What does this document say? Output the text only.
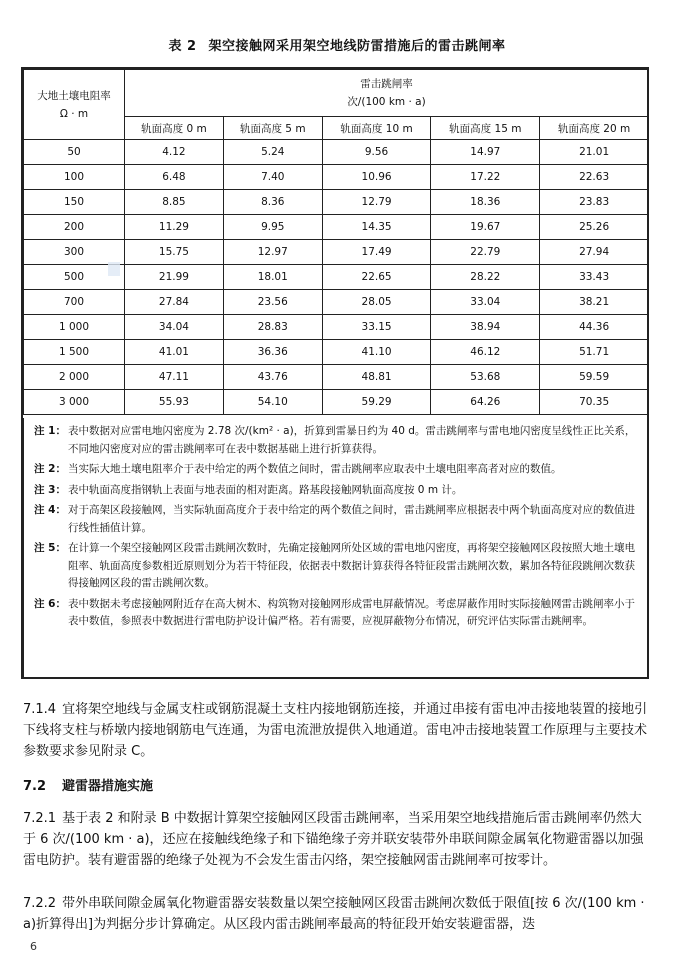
表 2 架空接触网采用架空地线防雷措施后的雷击跳闸率
大地土壤电阻率
Ω · m	雷击跳闸率
次/(100 km · a)				

	轨面高度 0 m	轨面高度 5 m	轨面高度 10 m	轨面高度 15 m	轨面高度 20 m
50	4.12	5.24	9.56	14.97	21.01
100	6.48	7.40	10.96	17.22	22.63
150	8.85	8.36	12.79	18.36	23.83
200	11.29	9.95	14.35	19.67	25.26
300	15.75	12.97	17.49	22.79	27.94
500	21.99	18.01	22.65	28.22	33.43
700	27.84	23.56	28.05	33.04	38.21
1 000	34.04	28.83	33.15	38.94	44.36
1 500	41.01	36.36	41.10	46.12	51.71
2 000	47.11	43.76	48.81	53.68	59.59
3 000	55.93	54.10	59.29	64.26	70.35
注 1： 表中数据对应雷电地闪密度为 2.78 次/(km² · a)，折算到雷暴日约为 40 d。雷击跳闸率与雷电地闪密度呈线性正比关系，不同地闪密度对应的雷击跳闸率可在表中数据基础上进行折算获得。
注 2： 当实际大地土壤电阻率介于表中给定的两个数值之间时，雷击跳闸率应取表中土壤电阻率高者对应的数值。
注 3： 表中轨面高度指钢轨上表面与地表面的相对距离。路基段接触网轨面高度按 0 m 计。
注 4： 对于高架区段接触网，当实际轨面高度介于表中给定的两个数值之间时，雷击跳闸率应根据表中两个轨面高度对应的数值进行线性插值计算。
注 5： 在计算一个架空接触网区段雷击跳闸次数时，先确定接触网所处区域的雷电地闪密度，再将架空接触网区段按照大地土壤电阻率、轨面高度参数相近原则划分为若干特征段，依据表中数据计算获得各特征段雷击跳闸次数，累加各特征段跳闸次数获得接触网区段的雷击跳闸次数。
注 6： 表中数据未考虑接触网附近存在高大树木、构筑物对接触网形成雷电屏蔽情况。考虑屏蔽作用时实际接触网雷击跳闸率小于表中数值，参照表中数据进行雷电防护设计偏严格。若有需要，应视屏蔽物分布情况，研究评估实际雷击跳闸率。
7.1.4 宜将架空地线与金属支柱或钢筋混凝土支柱内接地钢筋连接，并通过串接有雷电冲击接地装置的接地引下线将支柱与桥墩内接地钢筋电气连通，为雷电流泄放提供入地通道。雷电冲击接地装置工作原理与主要技术参数要求参见附录 C。
7.2 避雷器措施实施
7.2.1 基于表 2 和附录 B 中数据计算架空接触网区段雷击跳闸率，当采用架空地线措施后雷击跳闸率仍然大于 6 次/(100 km · a)，还应在接触线绝缘子和下锚绝缘子旁并联安装带外串联间隙金属氧化物避雷器以加强雷电防护。装有避雷器的绝缘子处视为不会发生雷击闪络，架空接触网雷击跳闸率可按零计。
7.2.2 带外串联间隙金属氧化物避雷器安装数量以架空接触网区段雷击跳闸次数低于限值[按 6 次/(100 km · a)折算得出]为判据分步计算确定。从区段内雷击跳闸率最高的特征段开始安装避雷器，迭
6
